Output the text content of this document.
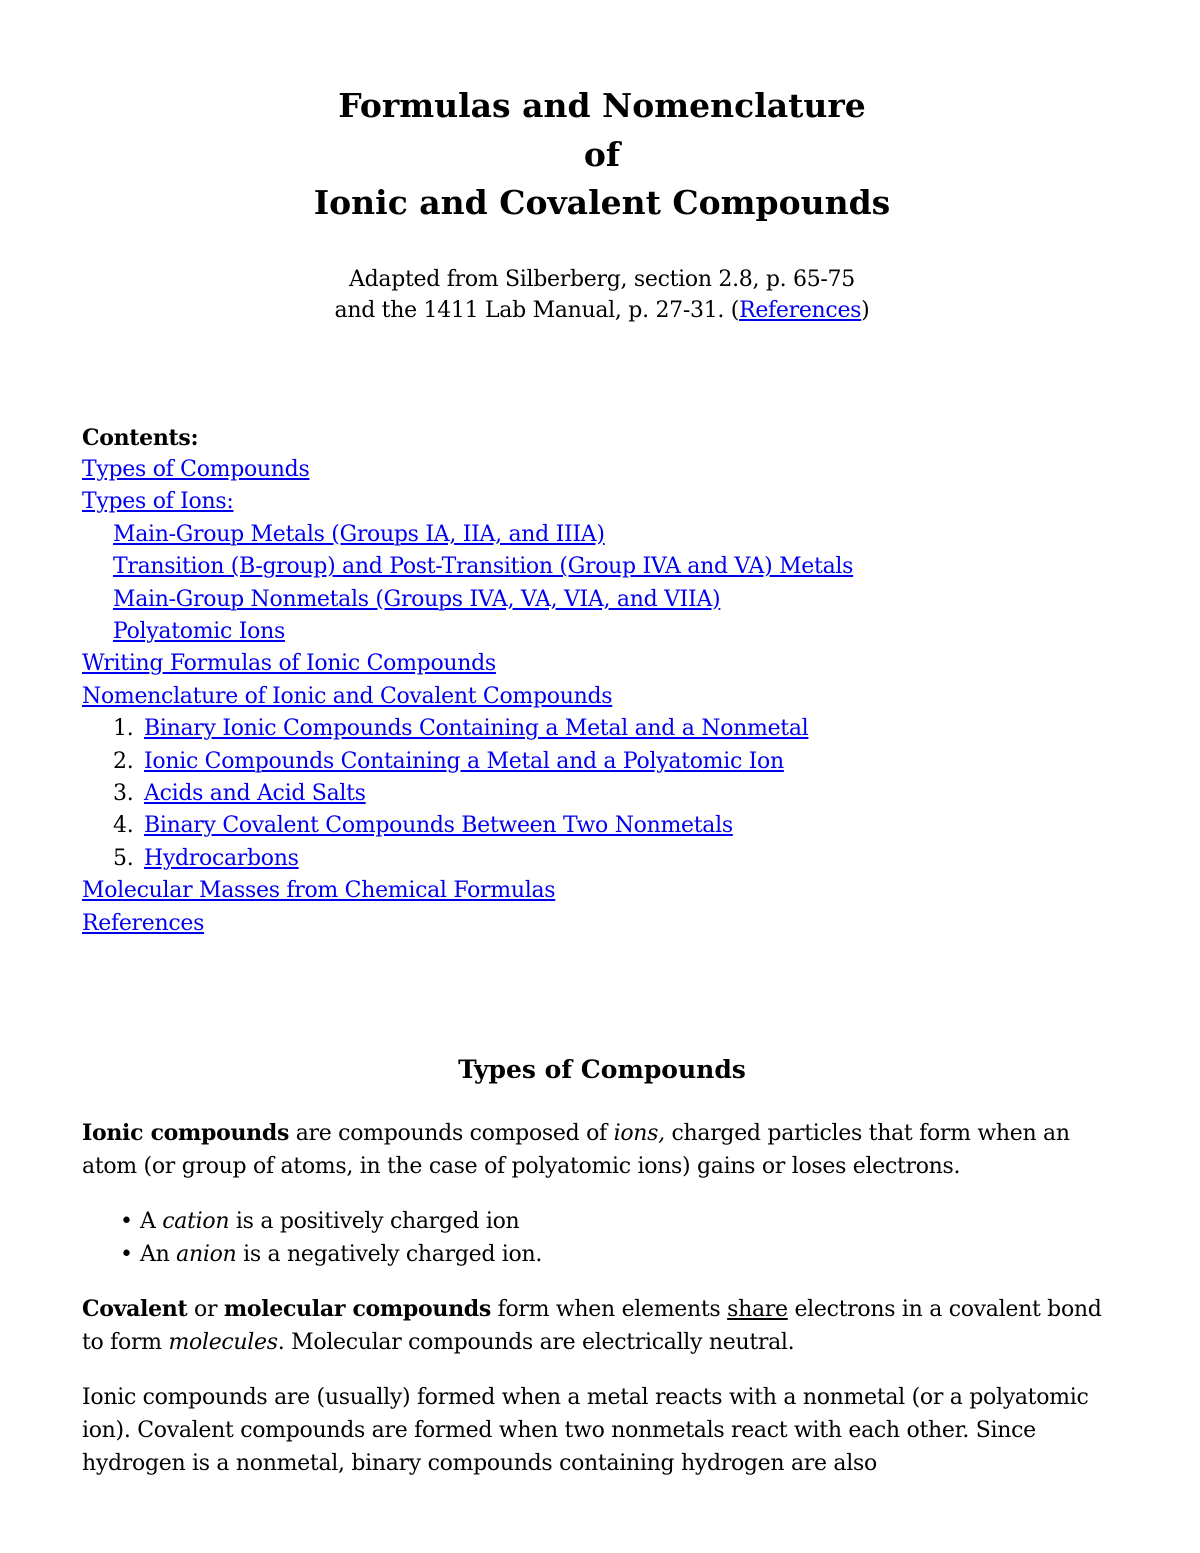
Formulas and Nomenclature
of
Ionic and Covalent Compounds
Adapted from Silberberg, section 2.8, p. 65-75
and the 1411 Lab Manual, p. 27-31. (References)
Contents:
Types of Compounds
Types of Ions:
Main-Group Metals (Groups IA, IIA, and IIIA)
Transition (B-group) and Post-Transition (Group IVA and VA) Metals
Main-Group Nonmetals (Groups IVA, VA, VIA, and VIIA)
Polyatomic Ions
Writing Formulas of Ionic Compounds
Nomenclature of Ionic and Covalent Compounds
1. Binary Ionic Compounds Containing a Metal and a Nonmetal
2. Ionic Compounds Containing a Metal and a Polyatomic Ion
3. Acids and Acid Salts
4. Binary Covalent Compounds Between Two Nonmetals
5. Hydrocarbons
Molecular Masses from Chemical Formulas
References
Types of Compounds
Ionic compounds are compounds composed of ions, charged particles that form when an atom (or group of atoms, in the case of polyatomic ions) gains or loses electrons.
• A cation is a positively charged ion
• An anion is a negatively charged ion.
Covalent or molecular compounds form when elements share electrons in a covalent bond to form molecules. Molecular compounds are electrically neutral.
Ionic compounds are (usually) formed when a metal reacts with a nonmetal (or a polyatomic ion). Covalent compounds are formed when two nonmetals react with each other. Since hydrogen is a nonmetal, binary compounds containing hydrogen are also
